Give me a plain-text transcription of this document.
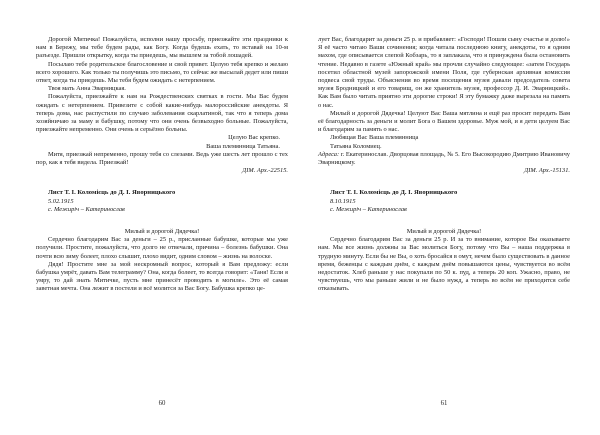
Дорогой Митичка! Пожалуйста, исполни нашу просьбу, приезжайте эти праздники к нам в Бережу, мы тебе будем рады, как Богу. Когда будешь ехать, то вставай на 10-м разъезде. Пришли открытку, когда ты приедешь, мы вышлем за тобой лошадей.

Посылаю тебе родительское благословение и свой привет. Целую тебя крепко и желаю всего хорошего. Как только ты получишь это письмо, то сейчас же высылай дедет или пиши ответ, когда ты приедешь. Мы тебя будем ожидать с нетерпением.

Твоя мать Анна Эварницкая.

Пожалуйста, приезжайте к нам на Рождественских святках в гости. Мы Вас будем ожидать с нетерпением. Привезите с собой какие-нибудь малороссийские анекдоты. Я теперь дома, нас распустили по случаю заболевания скарлатиной, так что я теперь дома хозяйничаю за маму и бабушку, потому что они очень безвыходно больные. Пожалуйста, приезжайте непременно. Они очень и серьёзно больны.

Целую Вас крепко.

Ваша племянница Татьяна.

Митя, приезжай непременно, прошу тебя со слезами. Ведь уже шесть лет прошло с тех пор, как я тебя видела. Приезжай!

ДІМ. Арх.-22515.

Лист Т. І. Коломієць до Д. І. Яворницького

5.02.1915

с. Межиріч – Катеринослав

Милый и дорогой Дядечка!

Сердечно благодарим Вас за деньги – 25 р., присланные бабушке, которые мы уже получили. Простите, пожалуйста, что долго не отвечали, причина – болезнь бабушки. Она почти всю зиму болеет, плохо слышит, плохо видит, одним словом – жизнь на волоске.

Дядя! Простите мне за мой нескромный вопрос, который я Вам предложу: если бабушка умрёт, давать Вам телеграмму? Она, когда болеет, то всегда говорит: «Таня! Если я умру, то дай знать Митичке, пусть мне принесёт проводить в могиле». Это её самая заветная мечта. Она лежит в постели и всё молится за Вас Богу. Бабушка крепко це-

лует Вас, благодарит за деньги 25 р. и прибавляет: «Господи! Пошли сыну счастье и долю!» Я её часто читаю Ваши сочинения; когда читала последнюю книгу, анекдоты, то я одним махом, где описывается слепой Кобзарь, то я заплакала, что я принуждена была остановить чтение. Недавно в газете «Южный край» мы прочли случайно следующее: «затем Государь посетил областной музей запорожской имени Поля, где губернская архивная комиссия подвеса свой труды. Объяснения во время посещения музея давали председатель совета музея Бродницкий и его товарищ, он же хранитель музея, профессор Д. И. Эварницкий». Как Вам было читать приятно эти дорогие строки! Я эту бумажку даже вырезала на память о нас.

Милый и дорогой Дядечка! Целуют Вас Ваша мятлина и ещё раз просит передать Вам её благодарность за деньги и молит Бога о Вашем здоровье. Муж мой, и я дети целуем Вас и благодарим за память о нас.

Любящая Вас Ваша племянница

Татьяна Коломиец.

Адреса: г. Екатеринослав. Дворцовая площадь, № 5. Его Высокородию Дмитрию Ивановичу Эварницкому.

ДІМ. Арх.-15131.

Лист Т. І. Коломієць до Д. І. Яворницького

8.10.1915

с. Межиріч – Катеринослав

Милый и дорогой Дядечка!

Сердечно благодарим Вас за деньги 25 р. И за то внимание, которое Вы оказываете нам. Мы все жизнь должны за Вас молиться Богу, потому что Вы – наша поддержка в трудную минуту. Если бы не Вы, о хоть бросайся в омут, нечем было существовать в данное время, беженцы с каждым днём, с каждым днём повышаются цены, чувствуется во всём недостаток. Хлеб раньше у нас покупали по 50 к. пуд, а теперь 20 коп. Ужасно, право, не чувствуешь, что мы раньше жили и не было нужд, а теперь во всём не приходится себе отказывать.

60	61
